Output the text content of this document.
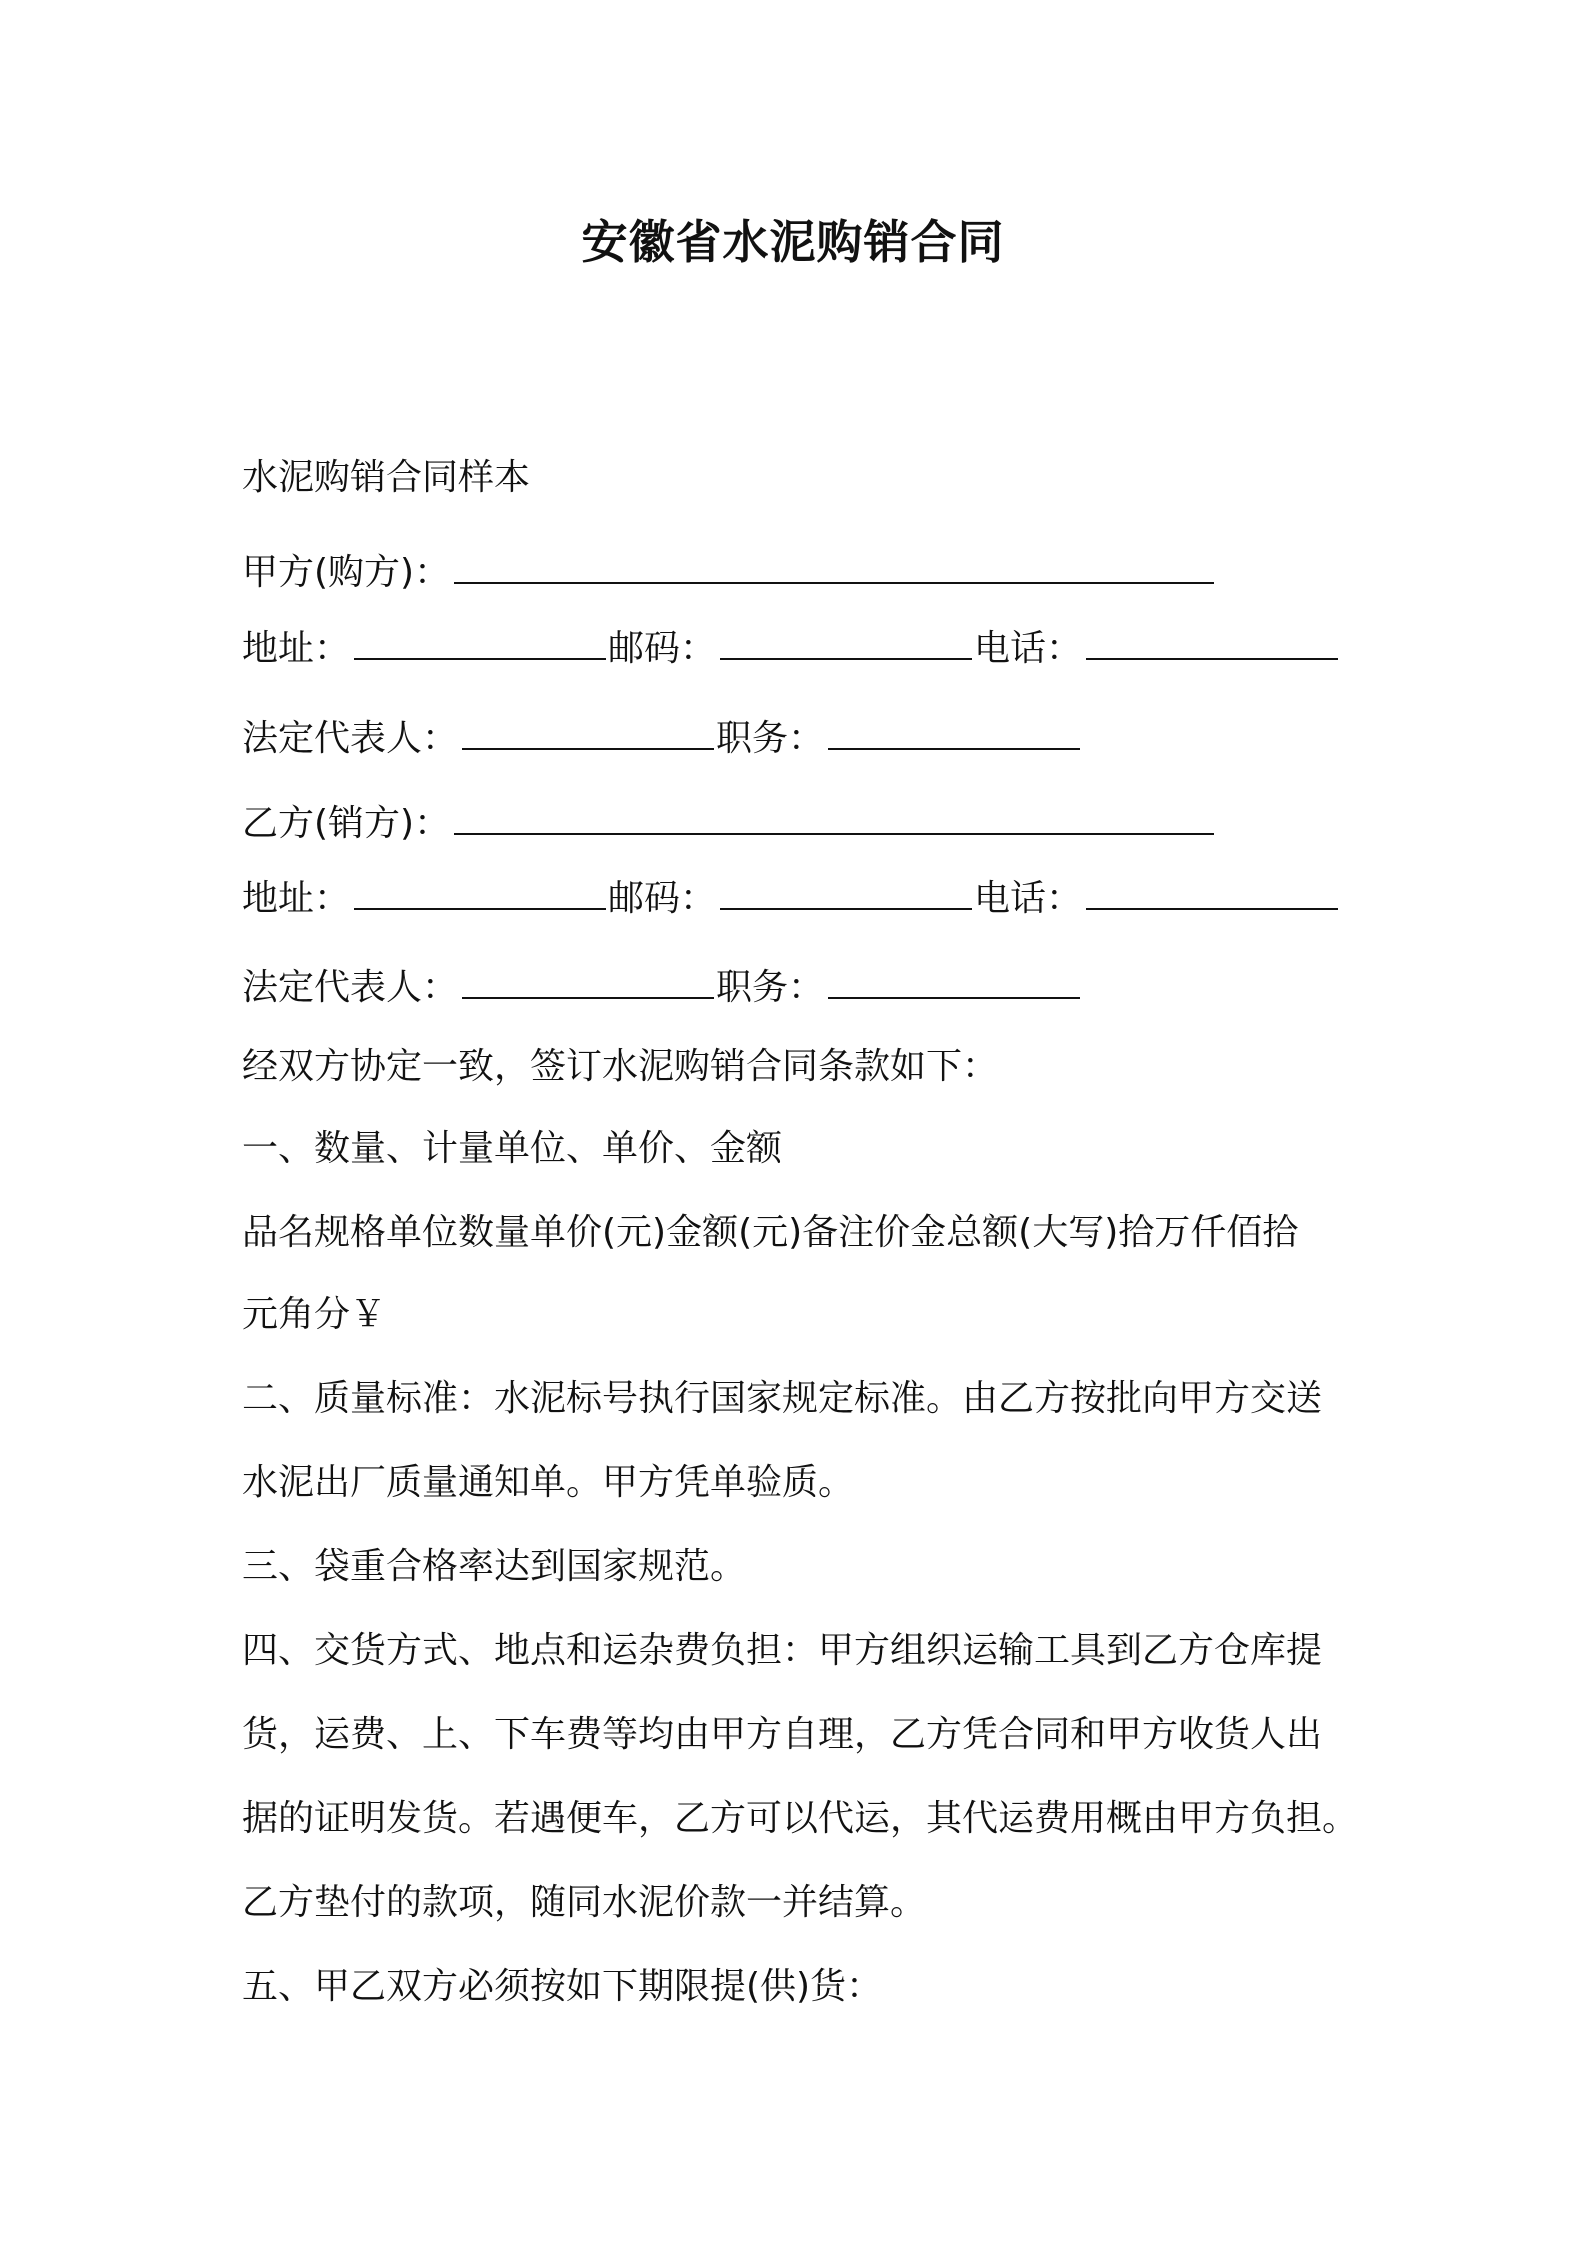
安徽省水泥购销合同
水泥购销合同样本
甲方(购方)：
地址：	邮码：	电话：
法定代表人：	职务：
乙方(销方)：
地址：	邮码：	电话：
法定代表人：	职务：
经双方协定一致，签订水泥购销合同条款如下：
一、数量、计量单位、单价、金额
品名规格单位数量单价(元)金额(元)备注价金总额(大写)拾万仟佰拾
元角分￥
二、质量标准：水泥标号执行国家规定标准。由乙方按批向甲方交送
水泥出厂质量通知单。甲方凭单验质。
三、袋重合格率达到国家规范。
四、交货方式、地点和运杂费负担：甲方组织运输工具到乙方仓库提
货，运费、上、下车费等均由甲方自理，乙方凭合同和甲方收货人出
据的证明发货。若遇便车，乙方可以代运，其代运费用概由甲方负担。
乙方垫付的款项，随同水泥价款一并结算。
五、甲乙双方必须按如下期限提(供)货：
